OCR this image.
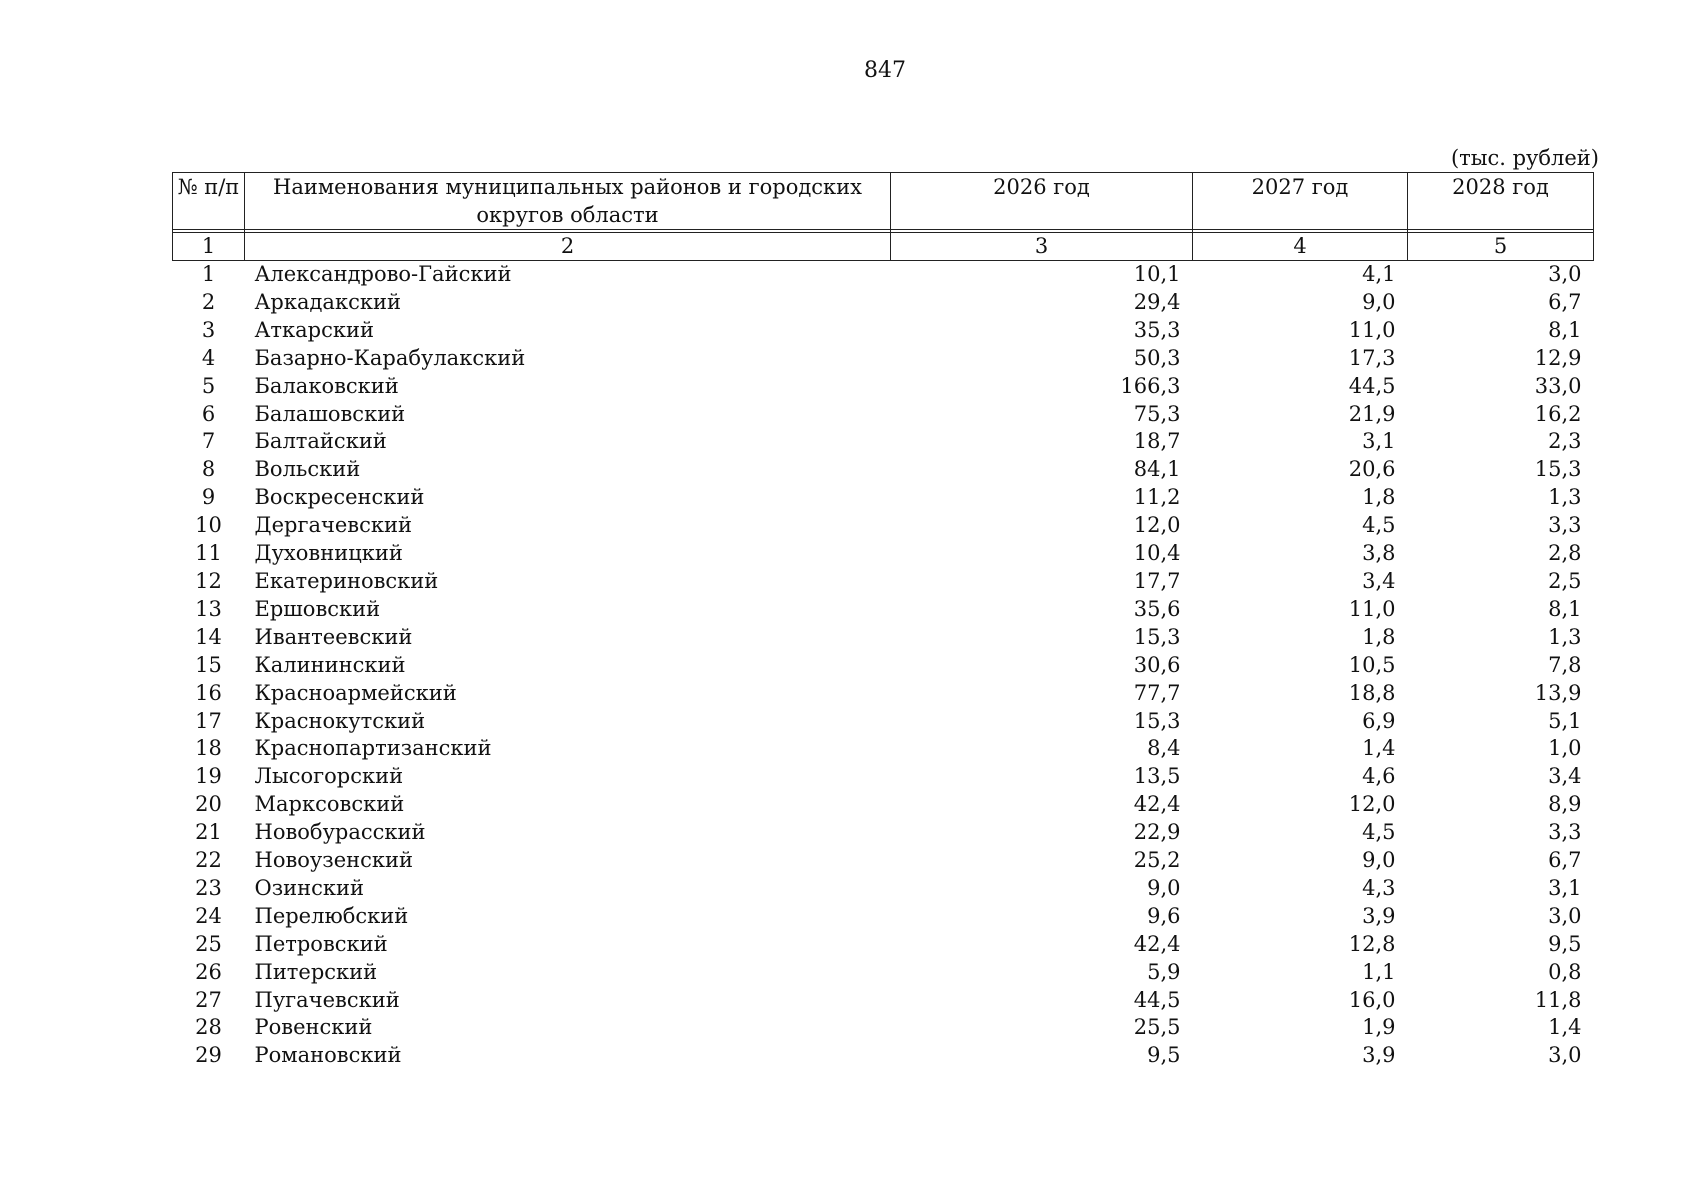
847
(тыс. рублей)
№ п/п	Наименования муниципальных районов и городских округов области	2026 год	2027 год	2028 год

1	2	3	4	5
1	Александрово-Гайский	10,1	4,1	3,0
2	Аркадакский	29,4	9,0	6,7
3	Аткарский	35,3	11,0	8,1
4	Базарно-Карабулакский	50,3	17,3	12,9
5	Балаковский	166,3	44,5	33,0
6	Балашовский	75,3	21,9	16,2
7	Балтайский	18,7	3,1	2,3
8	Вольский	84,1	20,6	15,3
9	Воскресенский	11,2	1,8	1,3
10	Дергачевский	12,0	4,5	3,3
11	Духовницкий	10,4	3,8	2,8
12	Екатериновский	17,7	3,4	2,5
13	Ершовский	35,6	11,0	8,1
14	Ивантеевский	15,3	1,8	1,3
15	Калининский	30,6	10,5	7,8
16	Красноармейский	77,7	18,8	13,9
17	Краснокутский	15,3	6,9	5,1
18	Краснопартизанский	8,4	1,4	1,0
19	Лысогорский	13,5	4,6	3,4
20	Марксовский	42,4	12,0	8,9
21	Новобурасский	22,9	4,5	3,3
22	Новоузенский	25,2	9,0	6,7
23	Озинский	9,0	4,3	3,1
24	Перелюбский	9,6	3,9	3,0
25	Петровский	42,4	12,8	9,5
26	Питерский	5,9	1,1	0,8
27	Пугачевский	44,5	16,0	11,8
28	Ровенский	25,5	1,9	1,4
29	Романовский	9,5	3,9	3,0
